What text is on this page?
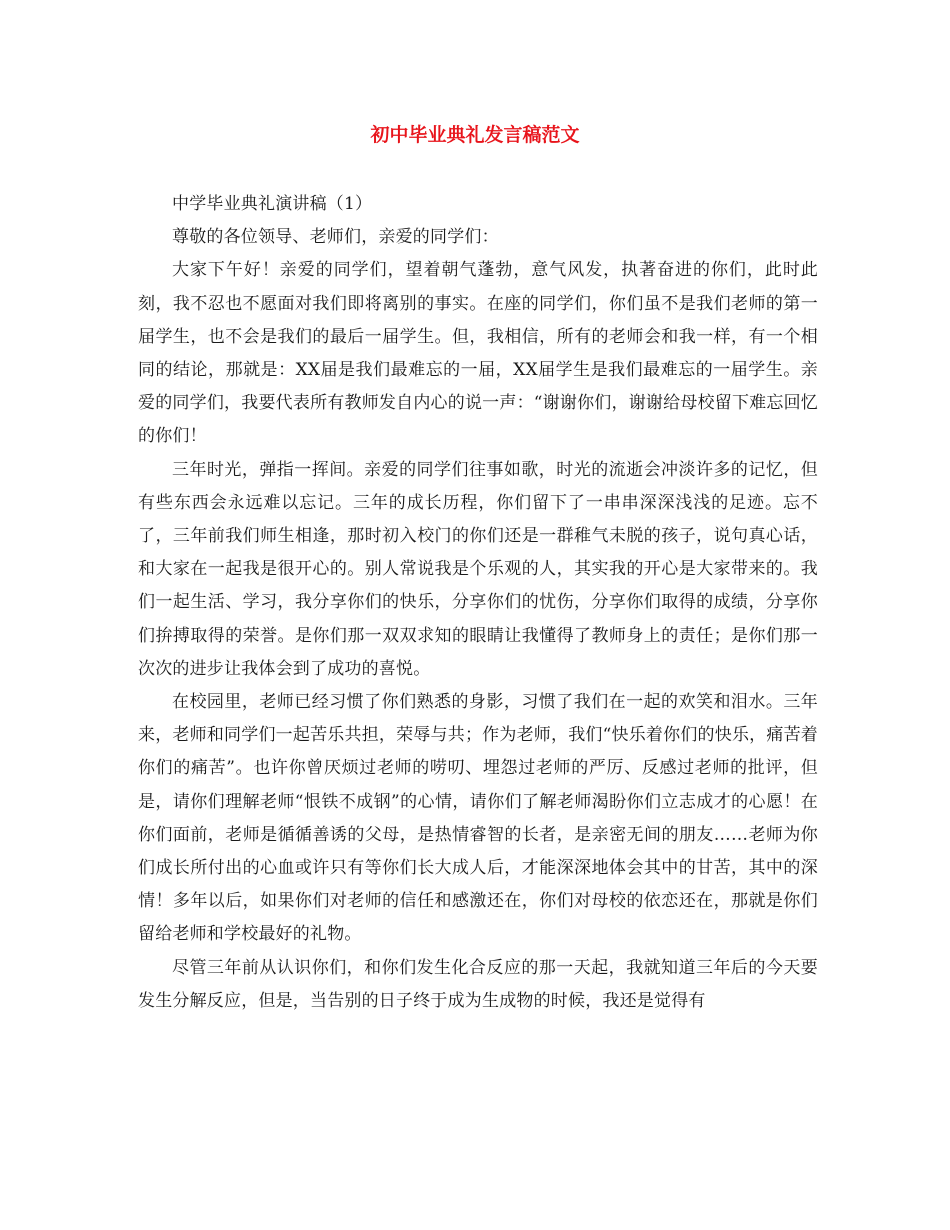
初中毕业典礼发言稿范文

中学毕业典礼演讲稿（1）

尊敬的各位领导、老师们，亲爱的同学们：

大家下午好！亲爱的同学们，望着朝气蓬勃，意气风发，执著奋进的你们，此时此刻，我不忍也不愿面对我们即将离别的事实。在座的同学们，你们虽不是我们老师的第一届学生，也不会是我们的最后一届学生。但，我相信，所有的老师会和我一样，有一个相同的结论，那就是：XX届是我们最难忘的一届，XX届学生是我们最难忘的一届学生。亲爱的同学们，我要代表所有教师发自内心的说一声：“谢谢你们，谢谢给母校留下难忘回忆的你们！

三年时光，弹指一挥间。亲爱的同学们往事如歌，时光的流逝会冲淡许多的记忆，但有些东西会永远难以忘记。三年的成长历程，你们留下了一串串深深浅浅的足迹。忘不了，三年前我们师生相逢，那时初入校门的你们还是一群稚气未脱的孩子，说句真心话，和大家在一起我是很开心的。别人常说我是个乐观的人，其实我的开心是大家带来的。我们一起生活、学习，我分享你们的快乐，分享你们的忧伤，分享你们取得的成绩，分享你们拚搏取得的荣誉。是你们那一双双求知的眼睛让我懂得了教师身上的责任；是你们那一次次的进步让我体会到了成功的喜悦。

在校园里，老师已经习惯了你们熟悉的身影，习惯了我们在一起的欢笑和泪水。三年来，老师和同学们一起苦乐共担，荣辱与共；作为老师，我们“快乐着你们的快乐，痛苦着你们的痛苦”。也许你曾厌烦过老师的唠叨、埋怨过老师的严厉、反感过老师的批评，但是，请你们理解老师“恨铁不成钢”的心情，请你们了解老师渴盼你们立志成才的心愿！在你们面前，老师是循循善诱的父母，是热情睿智的长者，是亲密无间的朋友……老师为你们成长所付出的心血或许只有等你们长大成人后，才能深深地体会其中的甘苦，其中的深情！多年以后，如果你们对老师的信任和感激还在，你们对母校的依恋还在，那就是你们留给老师和学校最好的礼物。

尽管三年前从认识你们，和你们发生化合反应的那一天起，我就知道三年后的今天要发生分解反应，但是，当告别的日子终于成为生成物的时候，我还是觉得有
